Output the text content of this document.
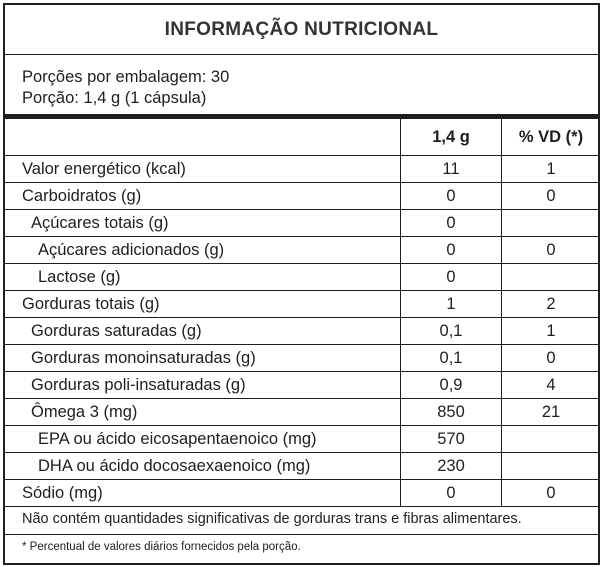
INFORMAÇÃO NUTRICIONAL
Porções por embalagem: 30
Porção: 1,4 g (1 cápsula)
	1,4 g	% VD (*)
Valor energético (kcal)	11	1
Carboidratos (g)	0	0
Açúcares totais (g)	0	
Açúcares adicionados (g)	0	0
Lactose (g)	0	
Gorduras totais (g)	1	2
Gorduras saturadas (g)	0,1	1
Gorduras monoinsaturadas (g)	0,1	0
Gorduras poli-insaturadas (g)	0,9	4
Ômega 3 (mg)	850	21
EPA ou ácido eicosapentaenoico (mg)	570	
DHA ou ácido docosaexaenoico (mg)	230	
Sódio (mg)	0	0
Não contém quantidades significativas de gorduras trans e fibras alimentares.
* Percentual de valores diários fornecidos pela porção.
